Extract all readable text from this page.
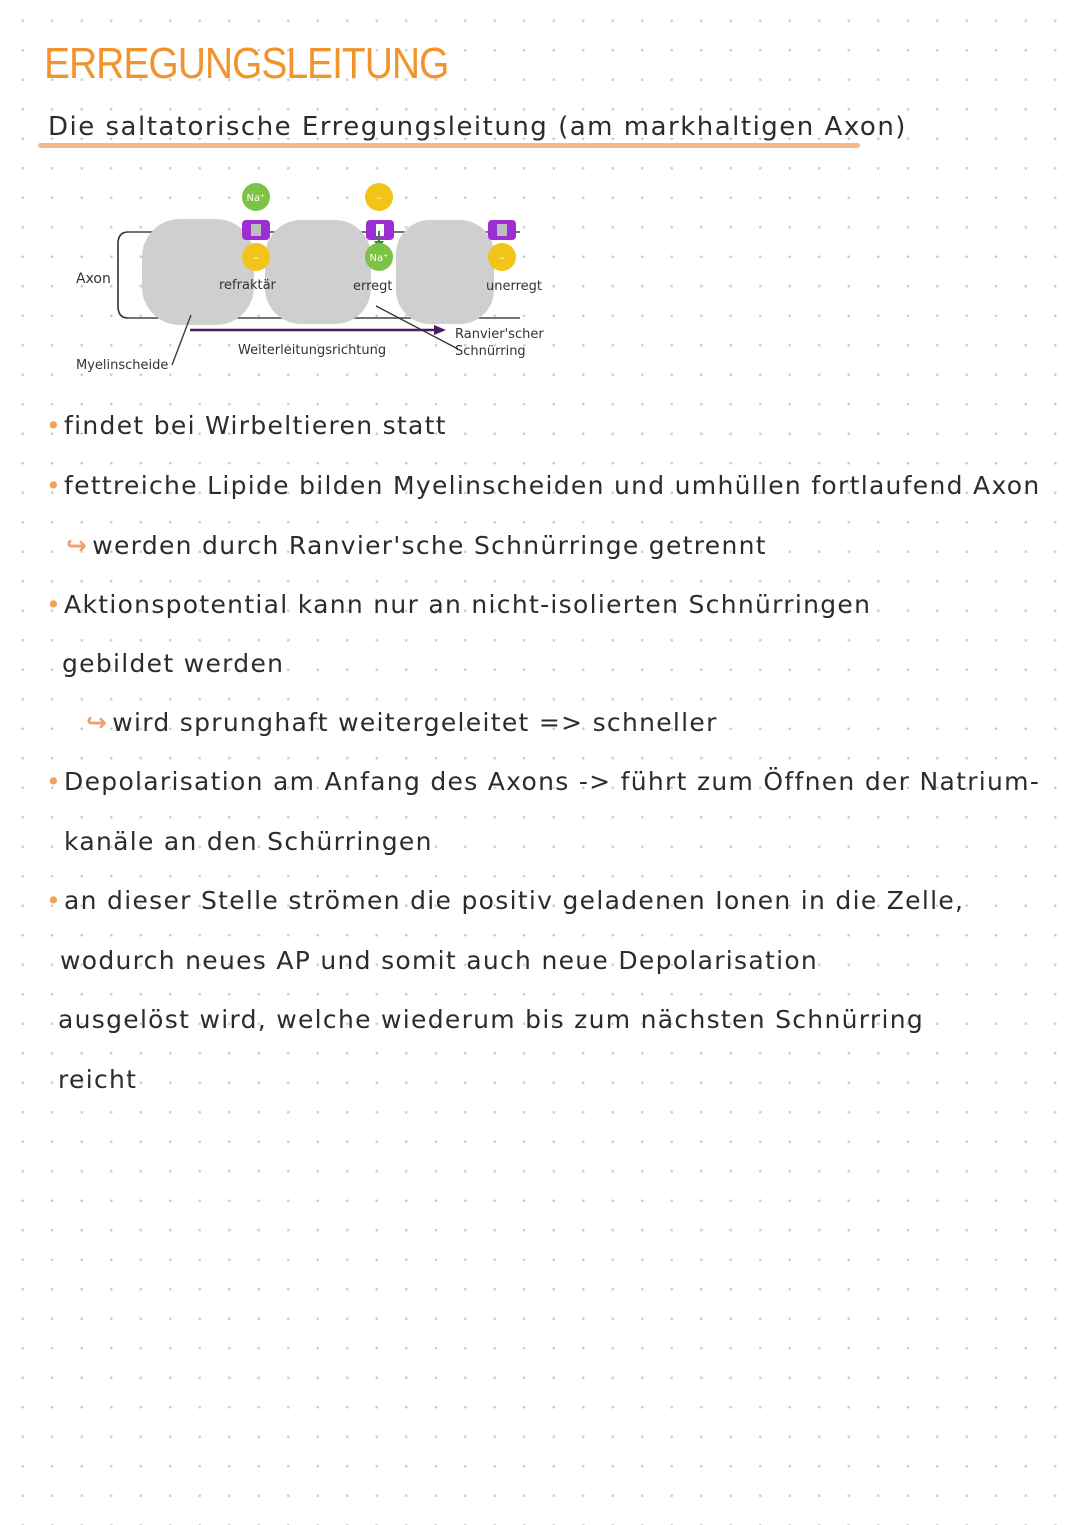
ERREGUNGSLEITUNG
Die saltatorische Erregungsleitung (am markhaltigen Axon)
Axon
Na⁺
–
–
Na⁺	–
refraktär	erregt	unerregt
Weiterleitungsrichtung
Ranvier'scher
Schnürring
Myelinscheide
•findet bei Wirbeltieren statt
•fettreiche Lipide bilden Myelinscheiden und umhüllen fortlaufend Axon
↪ werden durch Ranvier'sche Schnürringe getrennt
•Aktionspotential kann nur an nicht-isolierten Schnürringen
gebildet werden
↪ wird sprunghaft weitergeleitet => schneller
•Depolarisation am Anfang des Axons -> führt zum Öffnen der Natrium-
kanäle an den Schürringen
•an dieser Stelle strömen die positiv geladenen Ionen in die Zelle,
wodurch neues AP und somit auch neue Depolarisation
ausgelöst wird, welche wiederum bis zum nächsten Schnürring
reicht
